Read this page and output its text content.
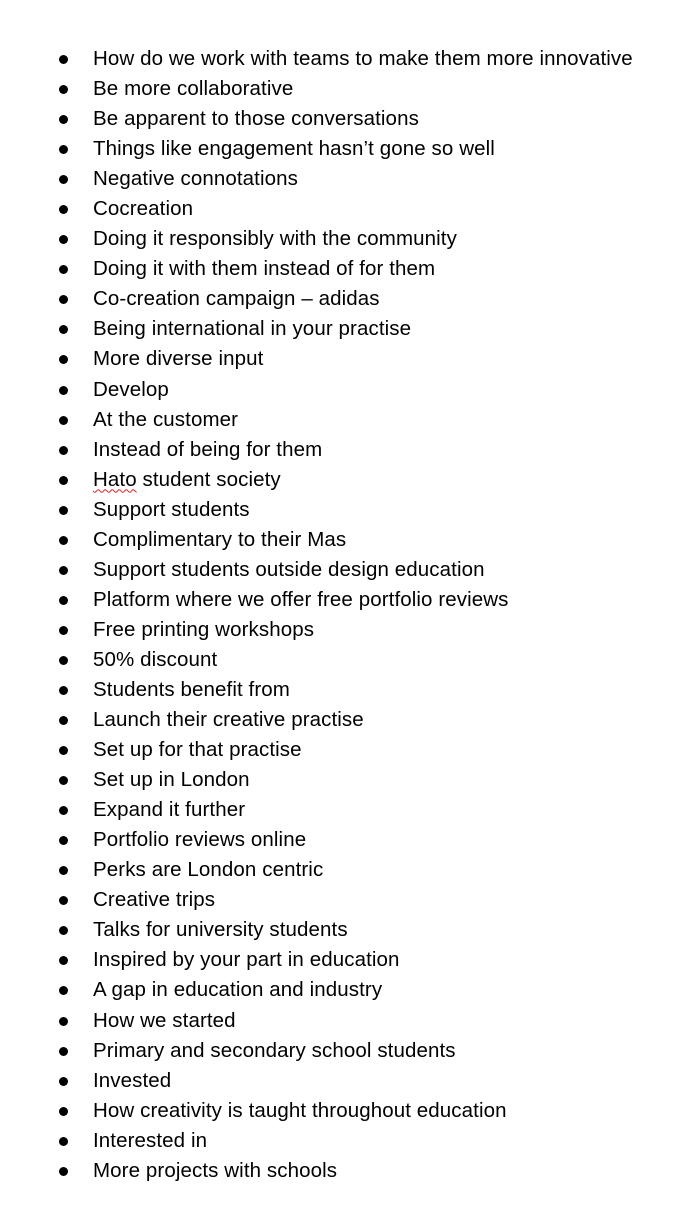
How do we work with teams to make them more innovative
Be more collaborative
Be apparent to those conversations
Things like engagement hasn’t gone so well
Negative connotations
Cocreation
Doing it responsibly with the community
Doing it with them instead of for them
Co-creation campaign – adidas
Being international in your practise
More diverse input
Develop
At the customer
Instead of being for them
Hato student society
Support students
Complimentary to their Mas
Support students outside design education
Platform where we offer free portfolio reviews
Free printing workshops
50% discount
Students benefit from
Launch their creative practise
Set up for that practise
Set up in London
Expand it further
Portfolio reviews online
Perks are London centric
Creative trips
Talks for university students
Inspired by your part in education
A gap in education and industry
How we started
Primary and secondary school students
Invested
How creativity is taught throughout education
Interested in
More projects with schools
